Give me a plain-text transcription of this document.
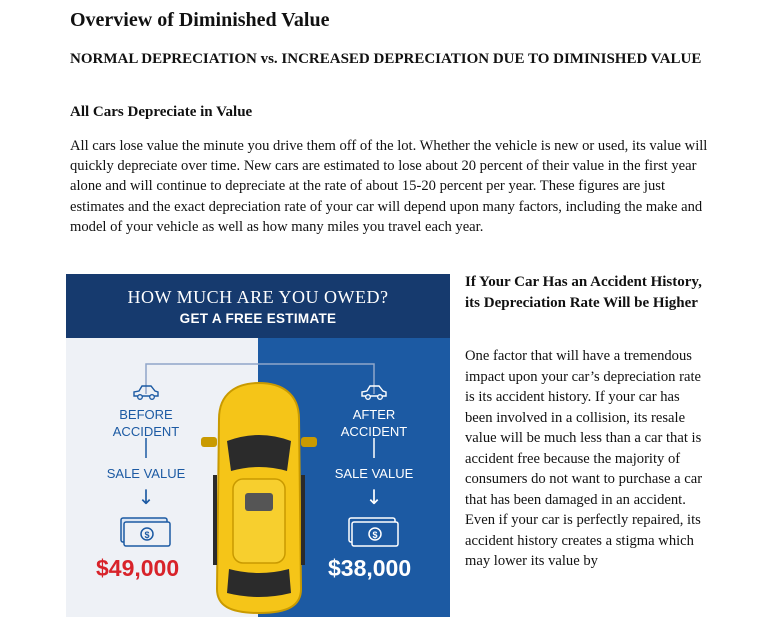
Overview of Diminished Value
NORMAL DEPRECIATION vs. INCREASED DEPRECIATION DUE TO DIMINISHED VALUE
All Cars Depreciate in Value

All cars lose value the minute you drive them off of the lot. Whether the vehicle is new or used, its value will quickly depreciate over time. New cars are estimated to lose about 20 percent of their value in the first year alone and will continue to depreciate at the rate of about 15-20 percent per year. These figures are just estimates and the exact depreciation rate of your car will depend upon many factors, including the make and model of your vehicle as well as how many miles you travel each year.

HOW MUCH ARE YOU OWED?
GET A FREE ESTIMATE
BEFORE ACCIDENT
AFTER ACCIDENT
SALE VALUE	SALE VALUE
↓	↓
$	$
$49,000	$38,000
If Your Car Has an Accident History, its Depreciation Rate Will be Higher

One factor that will have a tremendous impact upon your car’s depreciation rate is its accident history. If your car has been involved in a collision, its resale value will be much less than a car that is accident free because the majority of consumers do not want to purchase a car that has been damaged in an accident. Even if your car is perfectly repaired, its accident history creates a stigma which may lower its value by
